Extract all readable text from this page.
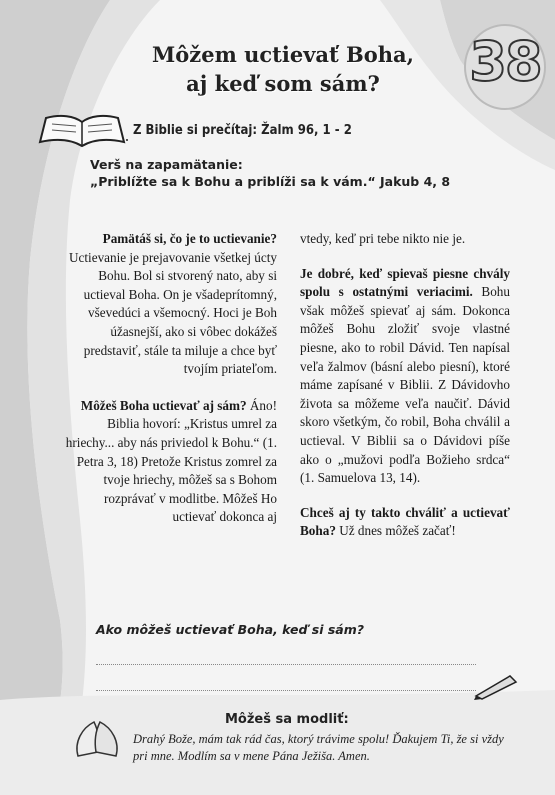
Môžem uctievať Boha,
aj keď som sám?	38
Z Biblie si prečítaj: Žalm 96, 1 - 2
Verš na zapamätanie:
„Priblížte sa k Bohu a priblíži sa k vám.“ Jakub 4, 8

Pamätáš si, čo je to uctievanie? Uctievanie je prejavovanie všetkej úcty Bohu. Bol si stvorený nato, aby si uctieval Boha. On je všadeprítomný, vševedúci a všemocný. Hoci je Boh úžasnejší, ako si vôbec dokážeš predstaviť, stále ta miluje a chce byť tvojím priateľom.

Môžeš Boha uctievať aj sám? Áno! Biblia hovorí: „Kristus umrel za hriechy... aby nás priviedol k Bohu.“ (1. Petra 3, 18) Pretože Kristus zomrel za tvoje hriechy, môžeš sa s Bohom rozprávať v modlitbe. Môžeš Ho uctievať dokonca aj

vtedy, keď pri tebe nikto nie je.

Je dobré, keď spievaš piesne chvály spolu s ostatnými veriacimi. Bohu však môžeš spievať aj sám. Dokonca môžeš Bohu zložiť svoje vlastné piesne, ako to robil Dávid. Ten napísal veľa žalmov (básní alebo piesní), ktoré máme zapísané v Biblii. Z Dávidovho života sa môžeme veľa naučiť. Dávid skoro všetkým, čo robil, Boha chválil a uctieval. V Biblii sa o Dávidovi píše ako o „mužovi podľa Božieho srdca“ (1. Samuelova 13, 14).

Chceš aj ty takto chváliť a uctievať Boha? Už dnes môžeš začať!

Ako môžeš uctievať Boha, keď si sám?
Môžeš sa modliť:
Drahý Bože, mám tak rád čas, ktorý trávime spolu! Ďakujem Ti, že si vždy pri mne. Modlím sa v mene Pána Ježiša. Amen.
